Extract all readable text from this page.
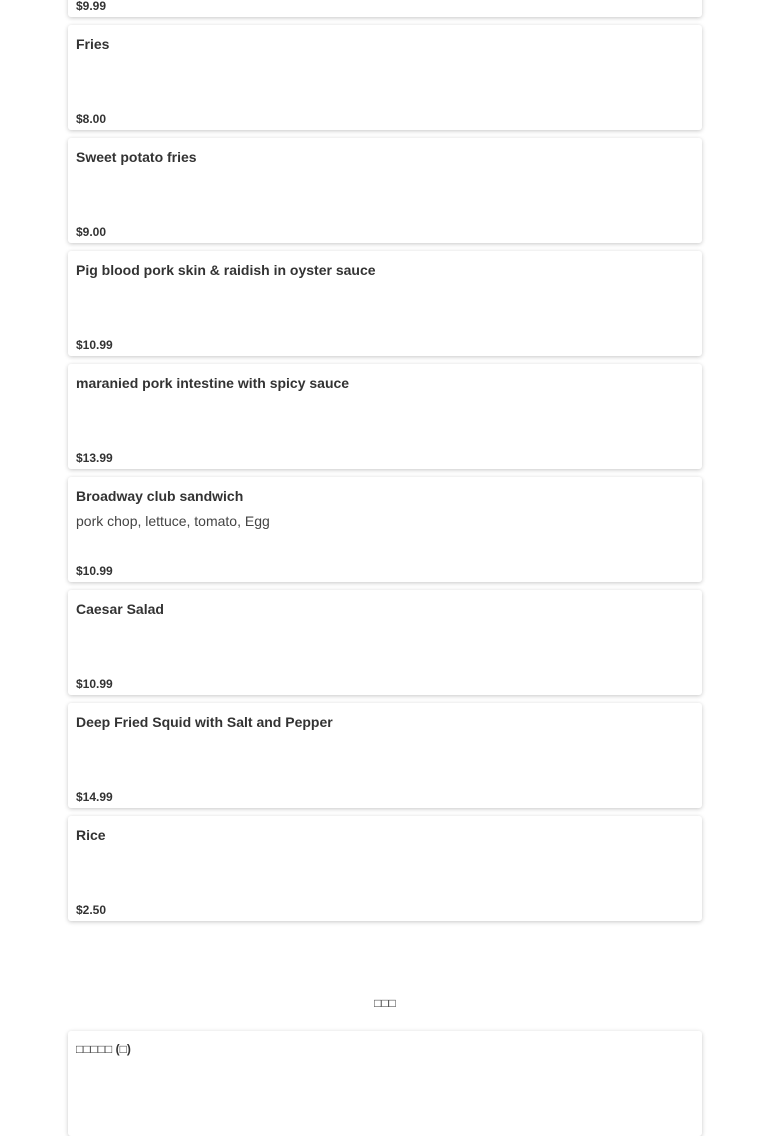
$9.99
Fries
$8.00
Sweet potato fries
$9.00
Pig blood pork skin & raidish in oyster sauce
$10.99
maranied pork intestine with spicy sauce
$13.99
Broadway club sandwich
pork chop, lettuce, tomato, Egg
$10.99
Caesar Salad
$10.99
Deep Fried Squid with Salt and Pepper
$14.99
Rice
$2.50
□□□
□□□□□ (□)
